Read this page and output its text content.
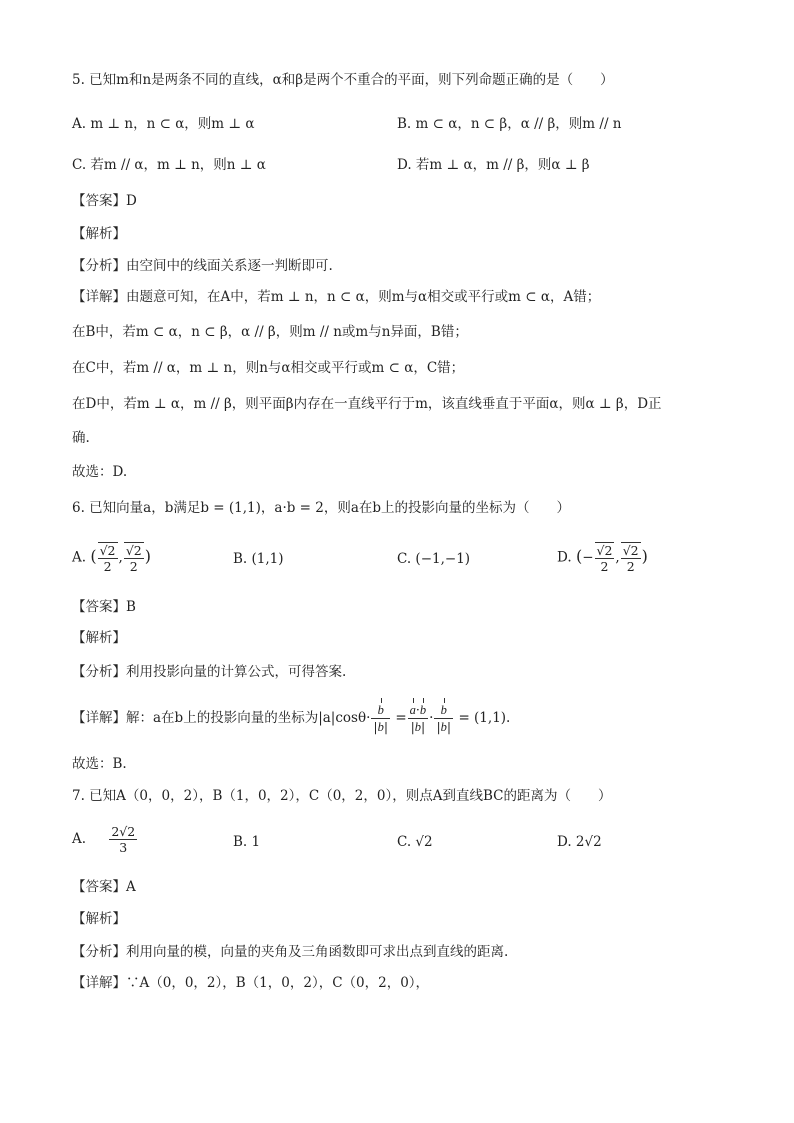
5. 已知m和n是两条不同的直线，α和β是两个不重合的平面，则下列命题正确的是（　　）
A. m ⊥ n，n ⊂ α，则m ⊥ α	B. m ⊂ α，n ⊂ β，α // β，则m // n
C. 若m // α，m ⊥ n，则n ⊥ α	D. 若m ⊥ α，m // β，则α ⊥ β
【答案】D
【解析】
【分析】由空间中的线面关系逐一判断即可.
【详解】由题意可知，在A中，若m ⊥ n，n ⊂ α，则m与α相交或平行或m ⊂ α，A错；
在B中，若m ⊂ α，n ⊂ β，α // β，则m // n或m与n异面，B错；
在C中，若m // α，m ⊥ n，则n与α相交或平行或m ⊂ α，C错；
在D中，若m ⊥ α，m // β，则平面β内存在一直线平行于m，该直线垂直于平面α，则α ⊥ β，D正
确.
故选：D.
6. 已知向量a，b满足b = (1,1)，a·b = 2，则a在b上的投影向量的坐标为（　　）
A. ( $\frac{√2}{2}$ , $\frac{√2}{2}$ )	B. (1,1)	C. (−1,−1)	D. (− $\frac{√2}{2}$ , $\frac{√2}{2}$ )
【答案】B
【解析】
【分析】利用投影向量的计算公式，可得答案.
【详解】解：a在b上的投影向量的坐标为$|a|\cos\theta\cdot \frac{b}{|b|} = \frac{a\cdot b}{|b|} \cdot \frac{b}{|b|} = (1,1)$.
故选：B.
7. 已知A（0，0，2），B（1，0，2），C（0，2，0），则点A到直线BC的距离为（　　）
A. $\frac{2√2}{3}$	B. 1	C. √2	D. 2√2
【答案】A
【解析】
【分析】利用向量的模，向量的夹角及三角函数即可求出点到直线的距离.
【详解】∵A（0，0，2），B（1，0，2），C（0，2，0），
